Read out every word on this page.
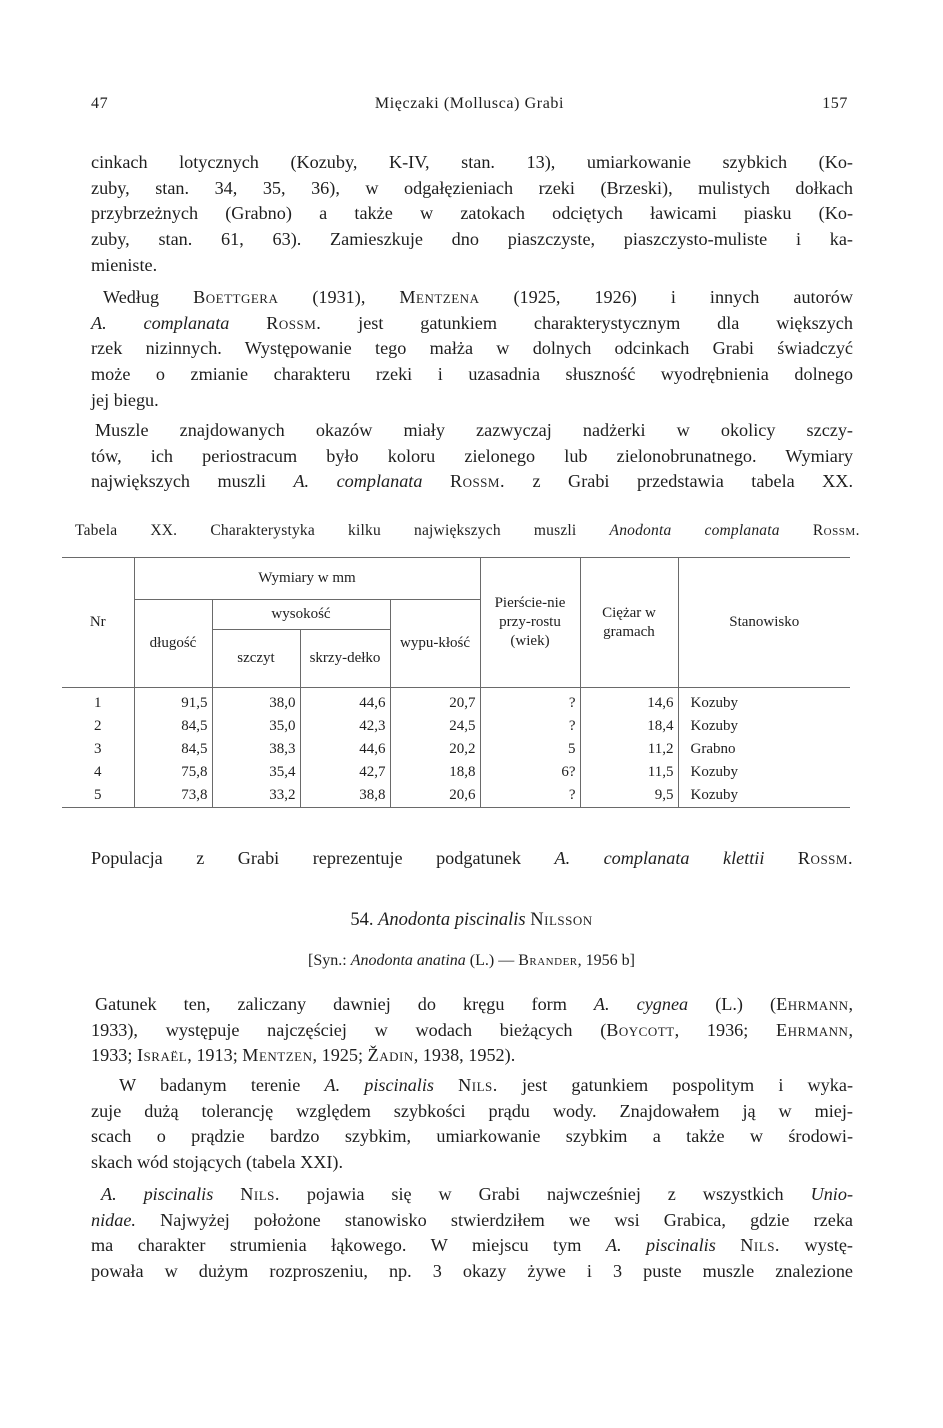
47	Mięczaki (Mollusca) Grabi	157
cinkach lotycznych (Kozuby, K-IV, stan. 13), umiarkowanie szybkich (Ko-
zuby, stan. 34, 35, 36), w odgałęzieniach rzeki (Brzeski), mulistych dołkach
przybrzeżnych (Grabno) a także w zatokach odciętych ławicami piasku (Ko-
zuby, stan. 61, 63). Zamieszkuje dno piaszczyste, piaszczysto-muliste i ka-
mieniste.
Według Boettgera (1931), Mentzena (1925, 1926) i innych autorów
A. complanata Rossm. jest gatunkiem charakterystycznym dla większych
rzek nizinnych. Występowanie tego małża w dolnych odcinkach Grabi świadczyć
może o zmianie charakteru rzeki i uzasadnia słuszność wyodrębnienia dolnego
jej biegu.
Muszle znajdowanych okazów miały zazwyczaj nadżerki w okolicy szczy-
tów, ich periostracum było koloru zielonego lub zielonobrunatnego. Wymiary
największych muszli A. complanata Rossm. z Grabi przedstawia tabela XX.
Tabela XX. Charakterystyka kilku największych muszli Anodonta complanata Rossm.
Nr	Wymiary w mm				Pierście-nie przy-rostu (wiek)	Ciężar w gramach	Stanowisko
	długość	wysokość		wypu-kłość			
		szczyt	skrzy-dełko				
1	91,5	38,0	44,6	20,7	?	14,6	Kozuby
2	84,5	35,0	42,3	24,5	?	18,4	Kozuby
3	84,5	38,3	44,6	20,2	5	11,2	Grabno
4	75,8	35,4	42,7	18,8	6?	11,5	Kozuby
5	73,8	33,2	38,8	20,6	?	9,5	Kozuby
Populacja z Grabi reprezentuje podgatunek A. complanata klettii Rossm.
54. Anodonta piscinalis Nilsson
[Syn.: Anodonta anatina (L.) — Brander, 1956 b]
Gatunek ten, zaliczany dawniej do kręgu form A. cygnea (L.) (Ehrmann,
1933), występuje najczęściej w wodach bieżących (Boycott, 1936; Ehrmann,
1933; Israël, 1913; Mentzen, 1925; Žadin, 1938, 1952).
W badanym terenie A. piscinalis Nils. jest gatunkiem pospolitym i wyka-
zuje dużą tolerancję względem szybkości prądu wody. Znajdowałem ją w miej-
scach o prądzie bardzo szybkim, umiarkowanie szybkim a także w środowi-
skach wód stojących (tabela XXI).
A. piscinalis Nils. pojawia się w Grabi najwcześniej z wszystkich Unio-
nidae. Najwyżej położone stanowisko stwierdziłem we wsi Grabica, gdzie rzeka
ma charakter strumienia łąkowego. W miejscu tym A. piscinalis Nils. wystę-
powała w dużym rozproszeniu, np. 3 okazy żywe i 3 puste muszle znalezione
